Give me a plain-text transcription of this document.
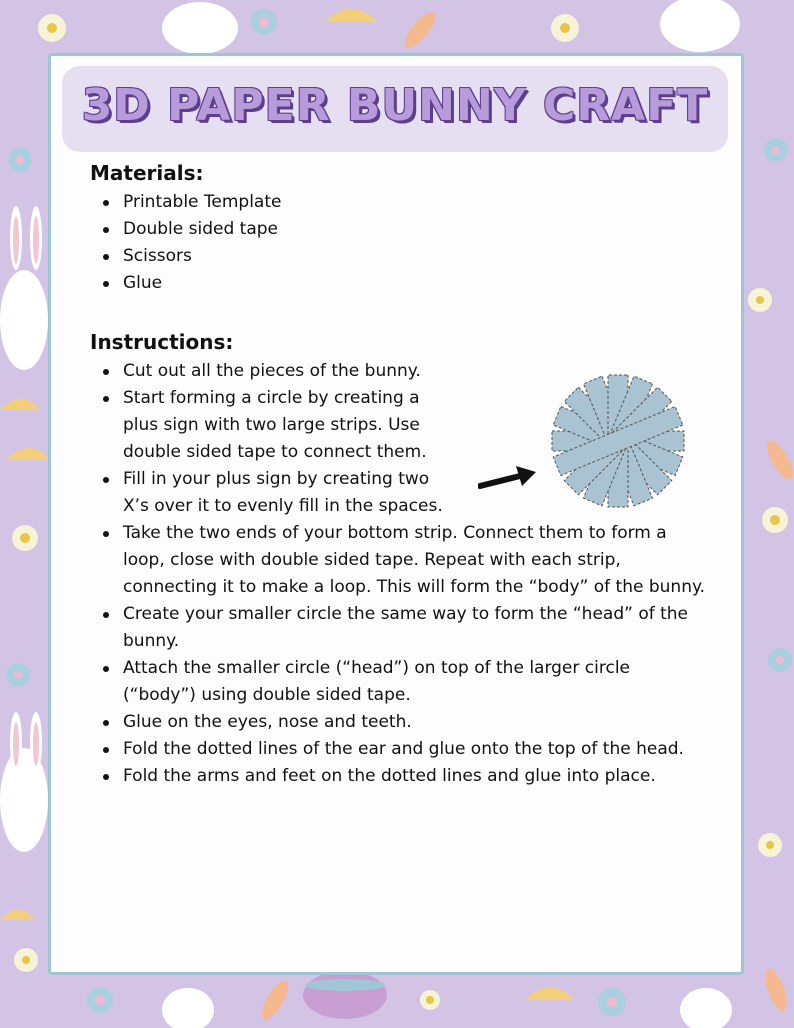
3D PAPER BUNNY CRAFT
Materials:
Printable Template
Double sided tape
Scissors
Glue
Instructions:
Cut out all the pieces of the bunny.
Start forming a circle by creating a plus sign with two large strips. Use double sided tape to connect them.
Fill in your plus sign by creating two X’s over it to evenly fill in the spaces.
Take the two ends of your bottom strip. Connect them to form a loop, close with double sided tape. Repeat with each strip, connecting it to make a loop. This will form the “body” of the bunny.
Create your smaller circle the same way to form the “head” of the bunny.
Attach the smaller circle (“head”) on top of the larger circle (“body”) using double sided tape.
Glue on the eyes, nose and teeth.
Fold the dotted lines of the ear and glue onto the top of the head.
Fold the arms and feet on the dotted lines and glue into place.
